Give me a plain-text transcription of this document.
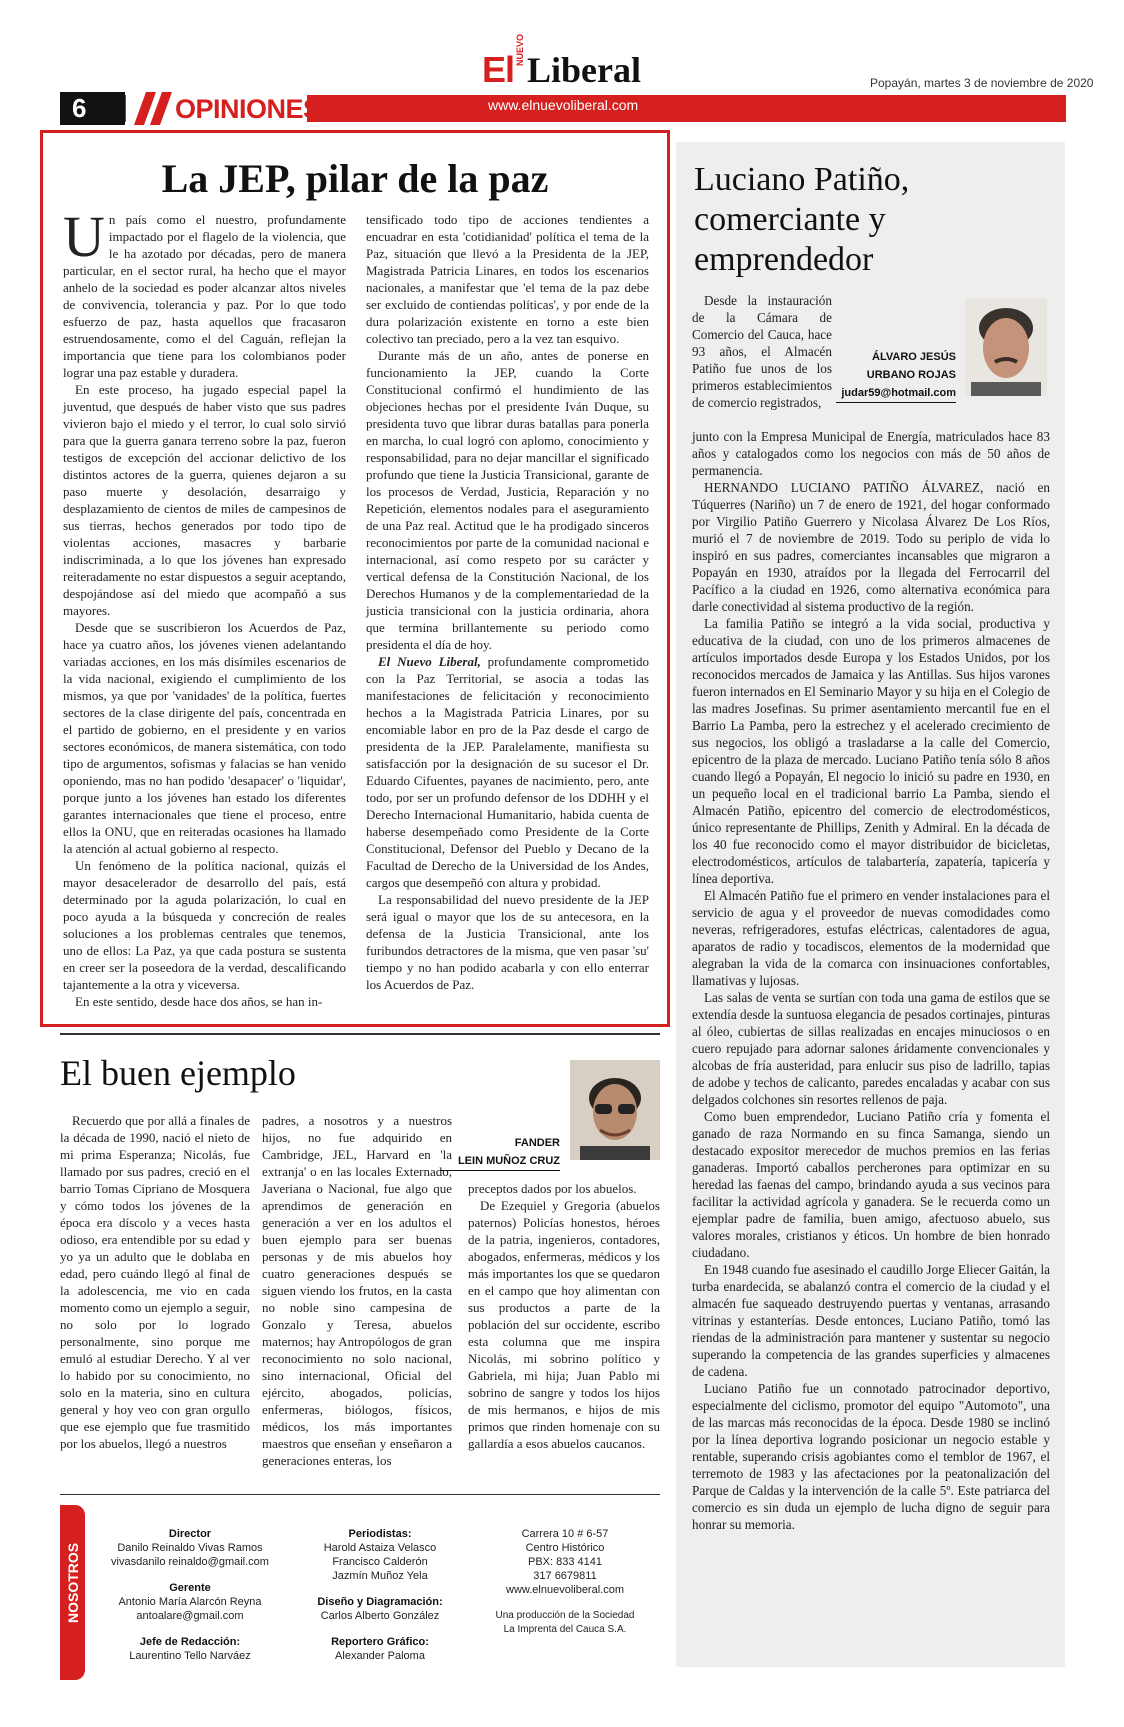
ElNUEVOLiberal	Popayán, martes 3 de noviembre de 2020
www.elnuevoliberal.com
6	OPINIONES
La JEP, pilar de la paz

Un país como el nuestro, profundamente impactado por el flagelo de la violencia, que le ha azotado por décadas, pero de manera particular, en el sector rural, ha hecho que el mayor anhelo de la sociedad es poder alcanzar altos niveles de convivencia, tolerancia y paz. Por lo que todo esfuerzo de paz, hasta aquellos que fracasaron estruendosamente, como el del Caguán, reflejan la importancia que tiene para los colombianos poder lograr una paz estable y duradera.

En este proceso, ha jugado especial papel la juventud, que después de haber visto que sus padres vivieron bajo el miedo y el terror, lo cual solo sirvió para que la guerra ganara terreno sobre la paz, fueron testigos de excepción del accionar delictivo de los distintos actores de la guerra, quienes dejaron a su paso muerte y desolación, desarraigo y desplazamiento de cientos de miles de campesinos de sus tierras, hechos generados por todo tipo de violentas acciones, masacres y barbarie indiscriminada, a lo que los jóvenes han expresado reiteradamente no estar dispuestos a seguir aceptando, despojándose así del miedo que acompañó a sus mayores.

Desde que se suscribieron los Acuerdos de Paz, hace ya cuatro años, los jóvenes vienen adelantando variadas acciones, en los más disímiles escenarios de la vida nacional, exigiendo el cumplimiento de los mismos, ya que por 'vanidades' de la política, fuertes sectores de la clase dirigente del país, concentrada en el partido de gobierno, en el presidente y en varios sectores económicos, de manera sistemática, con todo tipo de argumentos, sofismas y falacias se han venido oponiendo, mas no han podido 'desapacer' o 'liquidar', porque junto a los jóvenes han estado los diferentes garantes internacionales que tiene el proceso, entre ellos la ONU, que en reiteradas ocasiones ha llamado la atención al actual gobierno al respecto.

Un fenómeno de la política nacional, quizás el mayor desacelerador de desarrollo del país, está determinado por la aguda polarización, lo cual en poco ayuda a la búsqueda y concreción de reales soluciones a los problemas centrales que tenemos, uno de ellos: La Paz, ya que cada postura se sustenta en creer ser la poseedora de la verdad, descalificando tajantemente a la otra y viceversa.

En este sentido, desde hace dos años, se han in-

tensificado todo tipo de acciones tendientes a encuadrar en esta 'cotidianidad' política el tema de la Paz, situación que llevó a la Presidenta de la JEP, Magistrada Patricia Linares, en todos los escenarios nacionales, a manifestar que 'el tema de la paz debe ser excluido de contiendas políticas', y por ende de la dura polarización existente en torno a este bien colectivo tan preciado, pero a la vez tan esquivo.

Durante más de un año, antes de ponerse en funcionamiento la JEP, cuando la Corte Constitucional confirmó el hundimiento de las objeciones hechas por el presidente Iván Duque, su presidenta tuvo que librar duras batallas para ponerla en marcha, lo cual logró con aplomo, conocimiento y responsabilidad, para no dejar mancillar el significado profundo que tiene la Justicia Transicional, garante de los procesos de Verdad, Justicia, Reparación y no Repetición, elementos nodales para el aseguramiento de una Paz real. Actitud que le ha prodigado sinceros reconocimientos por parte de la comunidad nacional e internacional, así como respeto por su carácter y vertical defensa de la Constitución Nacional, de los Derechos Humanos y de la complementariedad de la justicia transicional con la justicia ordinaria, ahora que termina brillantemente su periodo como presidenta el día de hoy.

El Nuevo Liberal, profundamente comprometido con la Paz Territorial, se asocia a todas las manifestaciones de felicitación y reconocimiento hechos a la Magistrada Patricia Linares, por su encomiable labor en pro de la Paz desde el cargo de presidenta de la JEP. Paralelamente, manifiesta su satisfacción por la designación de su sucesor el Dr. Eduardo Cifuentes, payanes de nacimiento, pero, ante todo, por ser un profundo defensor de los DDHH y el Derecho Internacional Humanitario, habida cuenta de haberse desempeñado como Presidente de la Corte Constitucional, Defensor del Pueblo y Decano de la Facultad de Derecho de la Universidad de los Andes, cargos que desempeñó con altura y probidad.

La responsabilidad del nuevo presidente de la JEP será igual o mayor que los de su antecesora, en la defensa de la Justicia Transicional, ante los furibundos detractores de la misma, que ven pasar 'su' tiempo y no han podido acabarla y con ello enterrar los Acuerdos de Paz.

El buen ejemplo
FANDER
LEIN MUÑOZ CRUZ

Recuerdo que por allá a finales de la década de 1990, nació el nieto de mi prima Esperanza; Nicolás, fue llamado por sus padres, creció en el barrio Tomas Cipriano de Mosquera y cómo todos los jóvenes de la época era díscolo y a veces hasta odioso, era entendible por su edad y yo ya un adulto que le doblaba en edad, pero cuándo llegó al final de la adolescencia, me vio en cada momento como un ejemplo a seguir, no solo por lo logrado personalmente, sino porque me emuló al estudiar Derecho. Y al ver lo habido por su conocimiento, no solo en la materia, sino en cultura general y hoy veo con gran orgullo que ese ejemplo que fue trasmitido por los abuelos, llegó a nuestros

padres, a nosotros y a nuestros hijos, no fue adquirido en Cambridge, JEL, Harvard en 'la extranja' o en las locales Externado, Javeriana o Nacional, fue algo que aprendimos de generación en generación a ver en los adultos el buen ejemplo para ser buenas personas y de mis abuelos hoy cuatro generaciones después se siguen viendo los frutos, en la casta no noble sino campesina de Gonzalo y Teresa, abuelos maternos; hay Antropólogos de gran reconocimiento no solo nacional, sino internacional, Oficial del ejército, abogados, policías, enfermeras, biólogos, físicos, médicos, los más importantes maestros que enseñan y enseñaron a generaciones enteras, los

preceptos dados por los abuelos.

De Ezequiel y Gregoria (abuelos paternos) Policías honestos, héroes de la patria, ingenieros, contadores, abogados, enfermeras, médicos y los más importantes los que se quedaron en el campo que hoy alimentan con sus productos a parte de la población del sur occidente, escribo esta columna que me inspira Nicolás, mi sobrino político y Gabriela, mi hija; Juan Pablo mi sobrino de sangre y todos los hijos de mis hermanos, e hijos de mis primos que rinden homenaje con su gallardía a esos abuelos caucanos.

NOSOTROS
Director
Danilo Reinaldo Vivas Ramos
vivasdanilo reinaldo@gmail.com
Gerente
Antonio María Alarcón Reyna
antoalare@gmail.com
Jefe de Redacción:
Laurentino Tello Narváez
Periodistas:
Harold Astaiza Velasco
Francisco Calderón
Jazmín Muñoz Yela
Diseño y Diagramación:
Carlos Alberto González
Reportero Gráfico:
Alexander Paloma
Carrera 10 # 6-57
Centro Histórico
PBX: 833 4141
317 6679811
www.elnuevoliberal.com
Una producción de la Sociedad
La Imprenta del Cauca S.A.
Luciano Patiño, comerciante y emprendedor

Desde la instauración de la Cámara de Comercio del Cauca, hace 93 años, el Almacén Patiño fue unos de los primeros establecimientos de comercio registrados,

ÁLVARO JESÚS
URBANO ROJAS
judar59@hotmail.com

junto con la Empresa Municipal de Energía, matriculados hace 83 años y catalogados como los negocios con más de 50 años de permanencia.

HERNANDO LUCIANO PATIÑO ÁLVAREZ, nació en Túquerres (Nariño) un 7 de enero de 1921, del hogar conformado por Virgilio Patiño Guerrero y Nicolasa Álvarez De Los Ríos, murió el 7 de noviembre de 2019. Todo su periplo de vida lo inspiró en sus padres, comerciantes incansables que migraron a Popayán en 1930, atraídos por la llegada del Ferrocarril del Pacífico a la ciudad en 1926, como alternativa económica para darle conectividad al sistema productivo de la región.

La familia Patiño se integró a la vida social, productiva y educativa de la ciudad, con uno de los primeros almacenes de artículos importados desde Europa y los Estados Unidos, por los reconocidos mercados de Jamaica y las Antillas. Sus hijos varones fueron internados en El Seminario Mayor y su hija en el Colegio de las madres Josefinas. Su primer asentamiento mercantil fue en el Barrio La Pamba, pero la estrechez y el acelerado crecimiento de sus negocios, los obligó a trasladarse a la calle del Comercio, epicentro de la plaza de mercado. Luciano Patiño tenía sólo 8 años cuando llegó a Popayán, El negocio lo inició su padre en 1930, en un pequeño local en el tradicional barrio La Pamba, siendo el Almacén Patiño, epicentro del comercio de electrodomésticos, único representante de Phillips, Zenith y Admiral. En la década de los 40 fue reconocido como el mayor distribuidor de bicicletas, electrodomésticos, artículos de talabartería, zapatería, tapicería y línea deportiva.

El Almacén Patiño fue el primero en vender instalaciones para el servicio de agua y el proveedor de nuevas comodidades como neveras, refrigeradores, estufas eléctricas, calentadores de agua, aparatos de radio y tocadiscos, elementos de la modernidad que alegraban la vida de la comarca con insinuaciones confortables, llamativas y lujosas.

Las salas de venta se surtían con toda una gama de estilos que se extendía desde la suntuosa elegancia de pesados cortinajes, pinturas al óleo, cubiertas de sillas realizadas en encajes minuciosos o en cuero repujado para adornar salones áridamente convencionales y alcobas de fría austeridad, para enlucir sus piso de ladrillo, tapias de adobe y techos de calicanto, paredes encaladas y acabar con sus delgados colchones sin resortes rellenos de paja.

Como buen emprendedor, Luciano Patiño cría y fomenta el ganado de raza Normando en su finca Samanga, siendo un destacado expositor merecedor de muchos premios en las ferias ganaderas. Importó caballos percherones para optimizar en su heredad las faenas del campo, brindando ayuda a sus vecinos para facilitar la actividad agrícola y ganadera. Se le recuerda como un ejemplar padre de familia, buen amigo, afectuoso abuelo, sus valores morales, cristianos y éticos. Un hombre de bien honrado ciudadano.

En 1948 cuando fue asesinado el caudillo Jorge Eliecer Gaitán, la turba enardecida, se abalanzó contra el comercio de la ciudad y el almacén fue saqueado destruyendo puertas y ventanas, arrasando vitrinas y estanterías. Desde entonces, Luciano Patiño, tomó las riendas de la administración para mantener y sustentar su negocio superando la competencia de las grandes superficies y almacenes de cadena.

Luciano Patiño fue un connotado patrocinador deportivo, especialmente del ciclismo, promotor del equipo "Automoto", una de las marcas más reconocidas de la época. Desde 1980 se inclinó por la línea deportiva logrando posicionar un negocio estable y rentable, superando crisis agobiantes como el temblor de 1967, el terremoto de 1983 y las afectaciones por la peatonalización del Parque de Caldas y la intervención de la calle 5º. Este patriarca del comercio es sin duda un ejemplo de lucha digno de seguir para honrar su memoria.
